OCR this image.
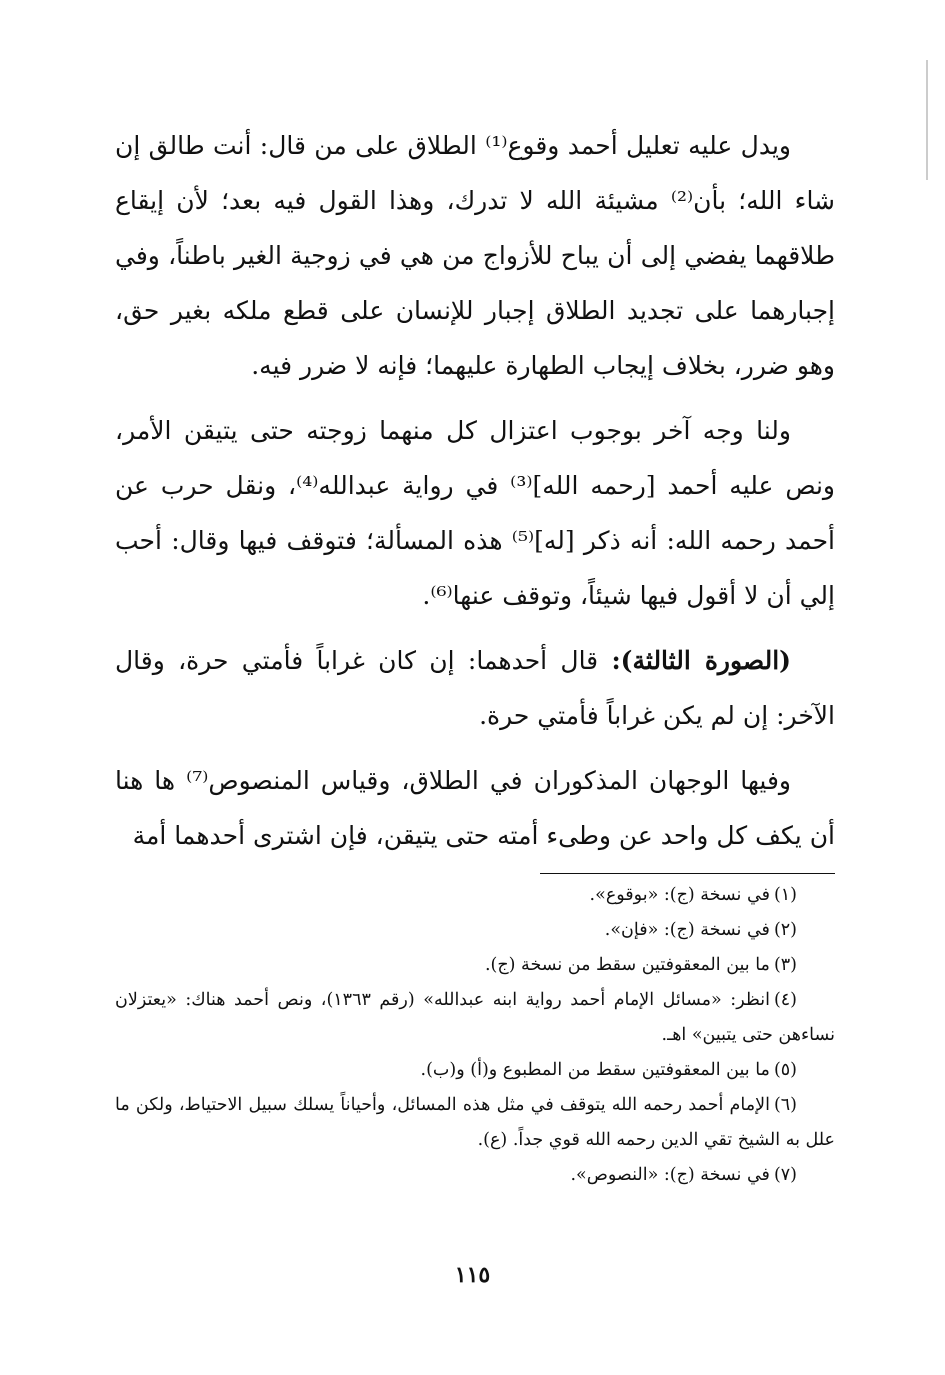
ويدل عليه تعليل أحمد وقوع⁽¹⁾ الطلاق على من قال: أنت طالق إن شاء الله؛ بأن⁽²⁾ مشيئة الله لا تدرك، وهذا القول فيه بعد؛ لأن إيقاع طلاقهما يفضي إلى أن يباح للأزواج من هي في زوجية الغير باطناً، وفي إجبارهما على تجديد الطلاق إجبار للإنسان على قطع ملكه بغير حق، وهو ضرر، بخلاف إيجاب الطهارة عليهما؛ فإنه لا ضرر فيه.

ولنا وجه آخر بوجوب اعتزال كل منهما زوجته حتى يتيقن الأمر، ونص عليه أحمد [رحمه الله]⁽³⁾ في رواية عبدالله⁽⁴⁾، ونقل حرب عن أحمد رحمه الله: أنه ذكر [له]⁽⁵⁾ هذه المسألة؛ فتوقف فيها وقال: أحب إلي أن لا أقول فيها شيئاً، وتوقف عنها⁽⁶⁾.

(الصورة الثالثة): قال أحدهما: إن كان غراباً فأمتي حرة، وقال الآخر: إن لم يكن غراباً فأمتي حرة.

وفيها الوجهان المذكوران في الطلاق، وقياس المنصوص⁽⁷⁾ ها هنا أن يكف كل واحد عن وطىء أمته حتى يتيقن، فإن اشترى أحدهما أمة

(١)في نسخة (ج): «بوقوع».

(٢)في نسخة (ج): «فإن».

(٣)ما بين المعقوفتين سقط من نسخة (ج).

(٤)انظر: «مسائل الإمام أحمد رواية ابنه عبدالله» (رقم ١٣٦٣)، ونص أحمد هناك: «يعتزلان نساءهن حتى يتبين» اهـ.

(٥)ما بين المعقوفتين سقط من المطبوع و(أ) و(ب).

(٦)الإمام أحمد رحمه الله يتوقف في مثل هذه المسائل، وأحياناً يسلك سبيل الاحتياط، ولكن ما علل به الشيخ تقي الدين رحمه الله قوي جداً. (ع).

(٧)في نسخة (ج): «النصوص».

١١٥
